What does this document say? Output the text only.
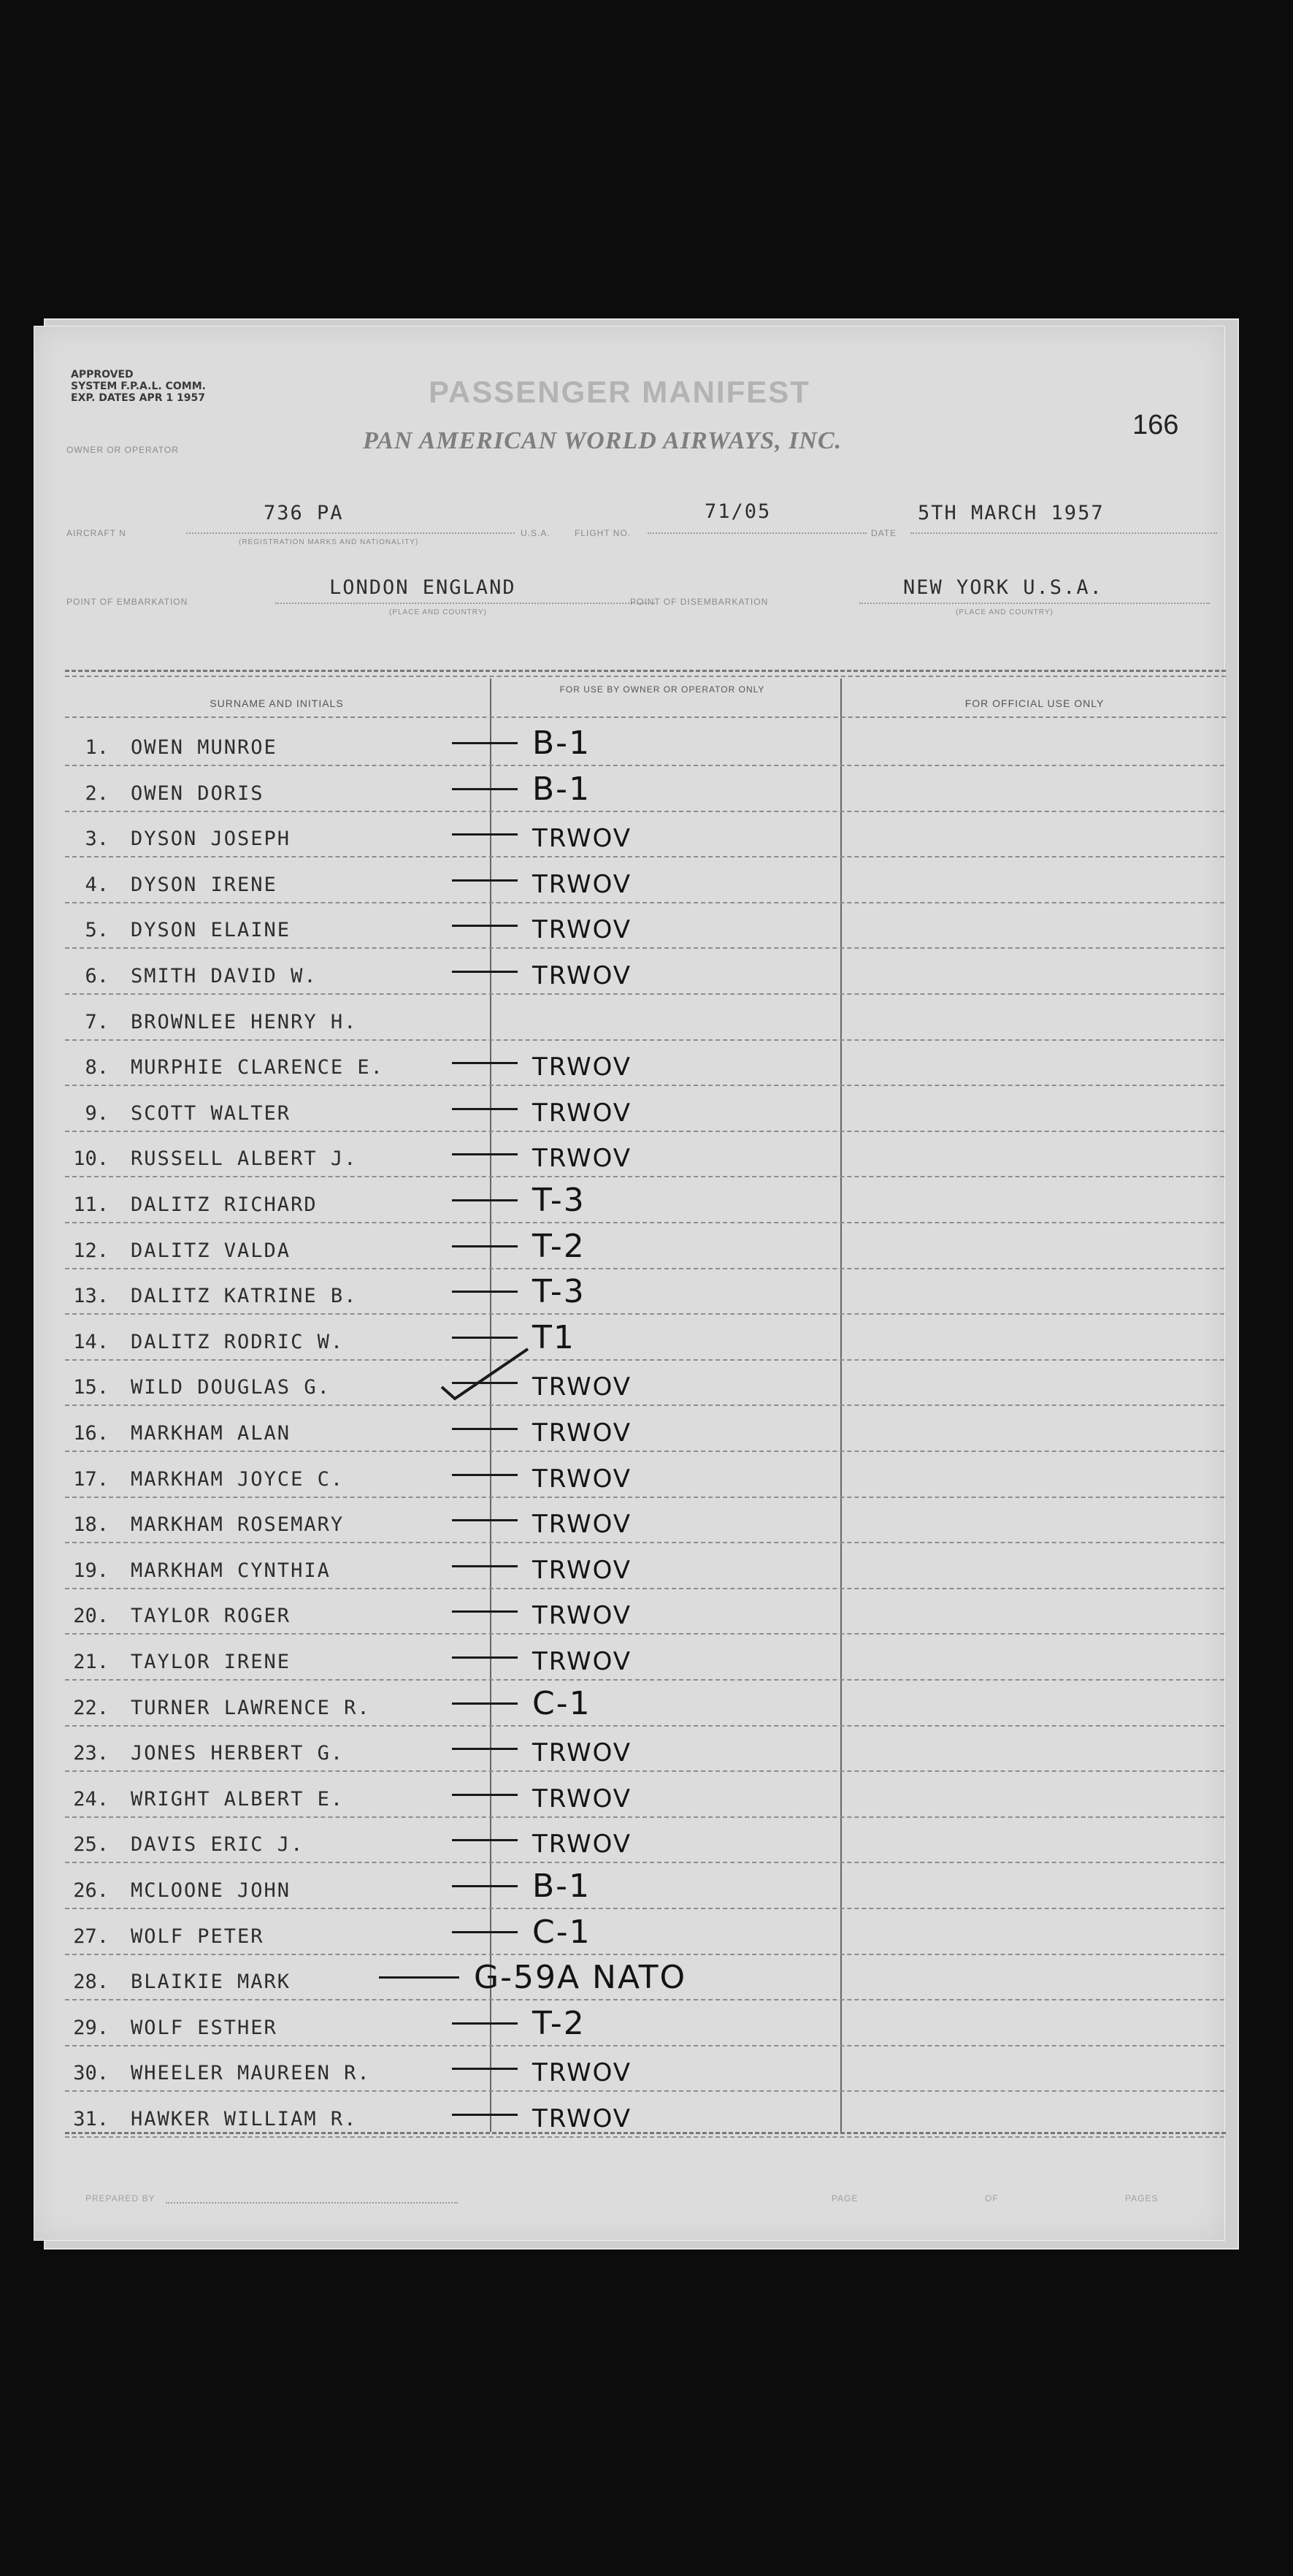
APPROVED
SYSTEM F.P.A.L. COMM.
EXP. DATES APR 1 1957	PASSENGER MANIFEST
166
OWNER OR OPERATOR	PAN AMERICAN WORLD AIRWAYS, INC.
AIRCRAFT N
736 PA
(REGISTRATION MARKS AND NATIONALITY)
U.S.A.	FLIGHT NO.
71/05
DATE
5TH MARCH 1957
POINT OF EMBARKATION
LONDON ENGLAND
(PLACE AND COUNTRY)
POINT OF DISEMBARKATION
NEW YORK U.S.A.
(PLACE AND COUNTRY)
SURNAME AND INITIALS
FOR USE BY OWNER OR OPERATOR ONLY
FOR OFFICIAL USE ONLY
1.	OWEN MUNROE	B-1
2.	OWEN DORIS	B-1
3.	DYSON JOSEPH	TRWOV
4.	DYSON IRENE	TRWOV
5.	DYSON ELAINE	TRWOV
6.	SMITH DAVID W.	TRWOV
7.	BROWNLEE HENRY H.
8.	MURPHIE CLARENCE E.	TRWOV
9.	SCOTT WALTER	TRWOV
10.	RUSSELL ALBERT J.	TRWOV
11.	DALITZ RICHARD	T-3
12.	DALITZ VALDA	T-2
13.	DALITZ KATRINE B.	T-3
14.	DALITZ RODRIC W.	T1
15.	WILD DOUGLAS G.	TRWOV
16.	MARKHAM ALAN	TRWOV
17.	MARKHAM JOYCE C.	TRWOV
18.	MARKHAM ROSEMARY	TRWOV
19.	MARKHAM CYNTHIA	TRWOV
20.	TAYLOR ROGER	TRWOV
21.	TAYLOR IRENE	TRWOV
22.	TURNER LAWRENCE R.	C-1
23.	JONES HERBERT G.	TRWOV
24.	WRIGHT ALBERT E.	TRWOV
25.	DAVIS ERIC J.	TRWOV
26.	MCLOONE JOHN	B-1
27.	WOLF PETER	C-1
28.	BLAIKIE MARK	G-59A NATO
29.	WOLF ESTHER	T-2
30.	WHEELER MAUREEN R.	TRWOV
31.	HAWKER WILLIAM R.	TRWOV
PREPARED BY	PAGE	OF	PAGES
